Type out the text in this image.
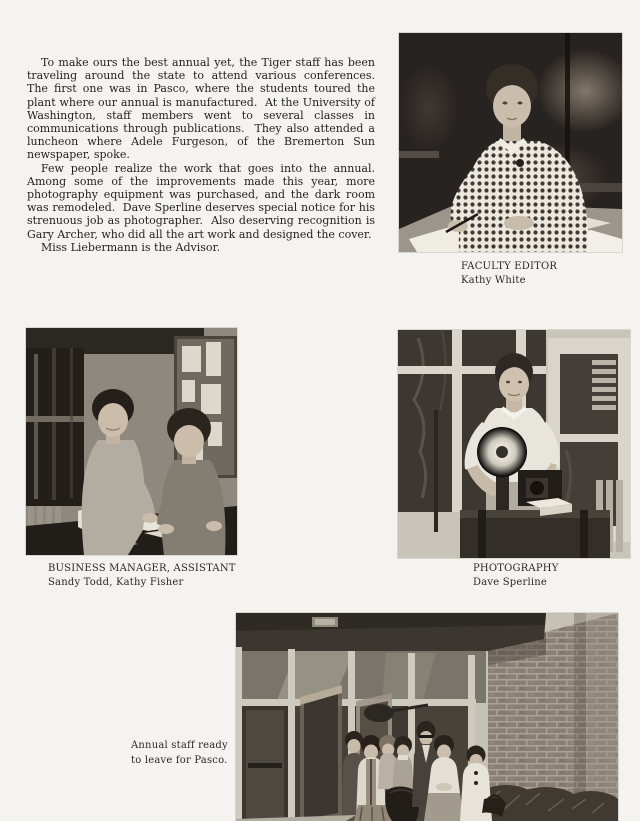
To make ours the best annual yet, the Tiger staff has been traveling around the state to attend various conferences.   The first one was in Pasco, where the students toured the plant where our annual is manufactured.  At the University of Washington, staff members went to several classes in communications through publications.  They also attended a luncheon where Adele Furgeson, of the Bremerton Sun newspaper, spoke.

Few people realize the work that goes into the annual. Among some of the improvements made this year, more photography equipment was purchased, and the dark room was remodeled.  Dave Sperline deserves special notice for his strenuous job as photographer.  Also deserving recognition is Gary Archer, who did all the art work and designed the cover.

Miss Liebermann is the Advisor.

FACULTY EDITOR
Kathy White
BUSINESS MANAGER, ASSISTANT
Sandy Todd, Kathy Fisher
PHOTOGRAPHY
Dave Sperline
Annual staff ready
to leave for Pasco.
